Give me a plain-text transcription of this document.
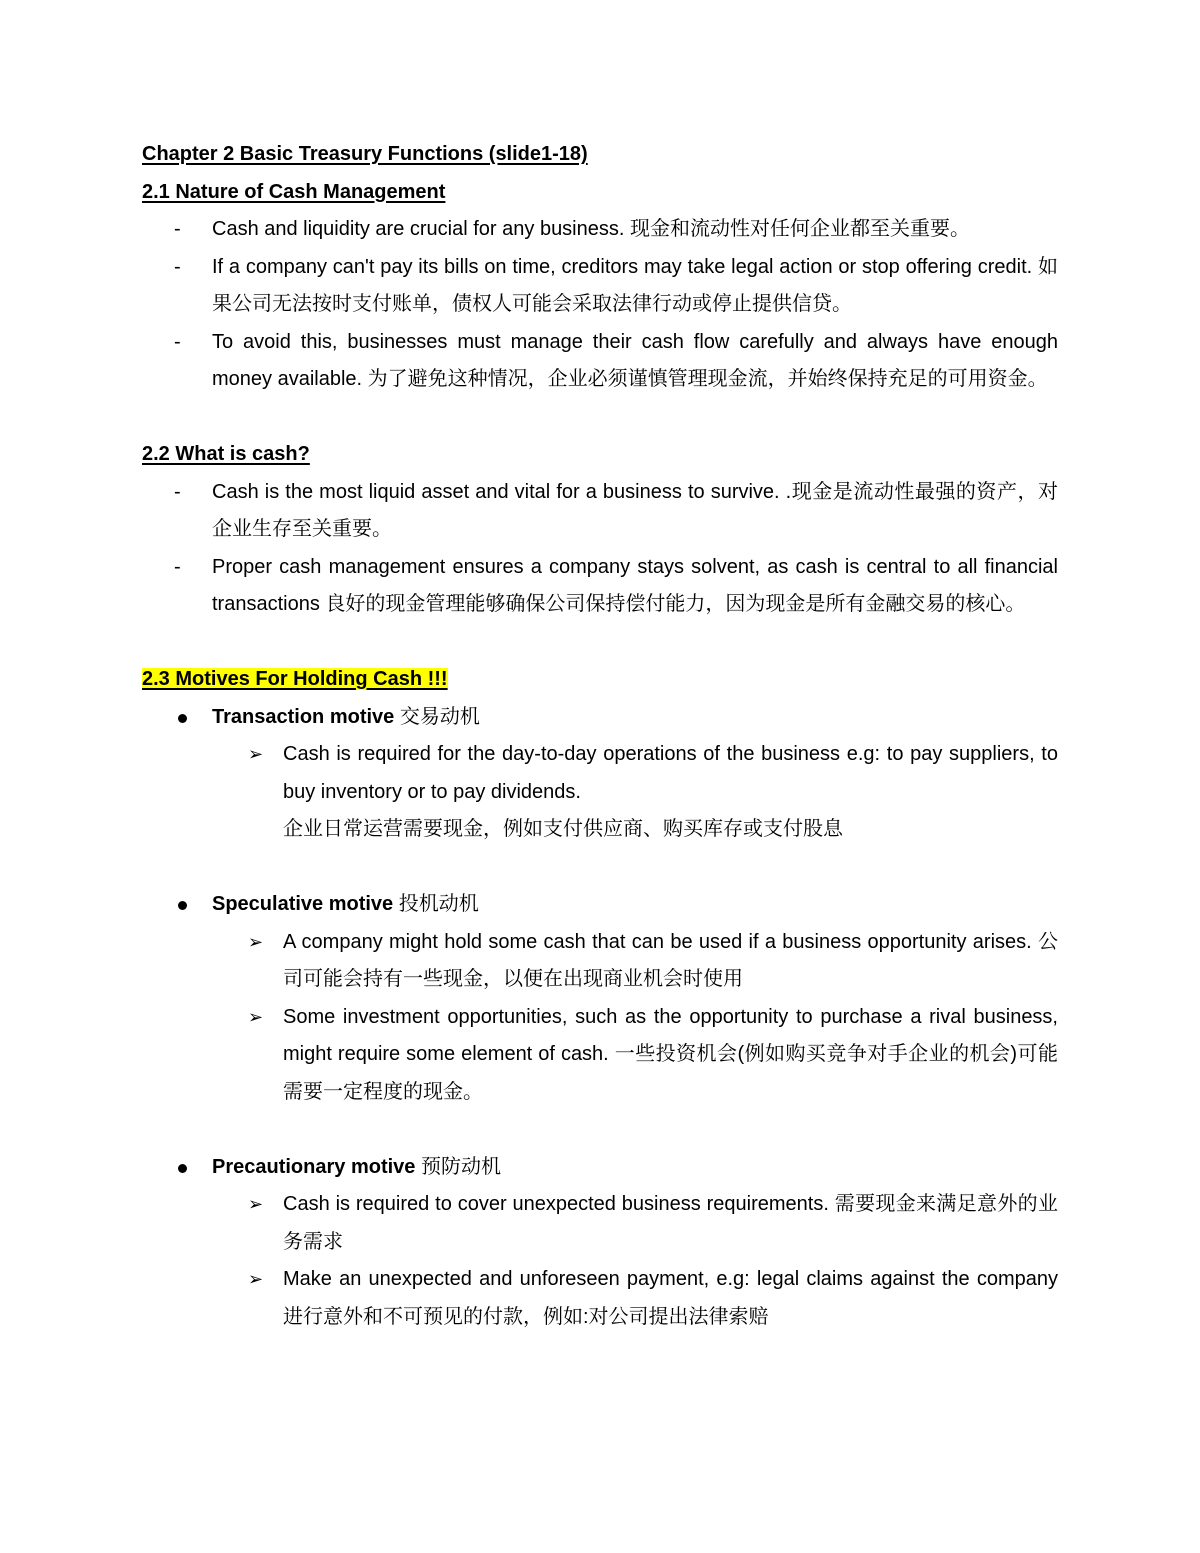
Chapter 2 Basic Treasury Functions (slide1-18)
2.1 Nature of Cash Management
- Cash and liquidity are crucial for any business. 现金和流动性对任何企业都至关重要。
- If a company can't pay its bills on time, creditors may take legal action or stop offering credit. 如果公司无法按时支付账单，债权人可能会采取法律行动或停止提供信贷。
- To avoid this, businesses must manage their cash flow carefully and always have enough money available. 为了避免这种情况，企业必须谨慎管理现金流，并始终保持充足的可用资金。
2.2 What is cash?
- Cash is the most liquid asset and vital for a business to survive. .现金是流动性最强的资产，对企业生存至关重要。
- Proper cash management ensures a company stays solvent, as cash is central to all financial transactions 良好的现金管理能够确保公司保持偿付能力，因为现金是所有金融交易的核心。
2.3 Motives For Holding Cash !!!
Transaction motive 交易动机
➢ Cash is required for the day-to-day operations of the business e.g: to pay suppliers, to buy inventory or to pay dividends.
企业日常运营需要现金，例如支付供应商、购买库存或支付股息
Speculative motive 投机动机
➢ A company might hold some cash that can be used if a business opportunity arises. 公司可能会持有一些现金，以便在出现商业机会时使用
➢ Some investment opportunities, such as the opportunity to purchase a rival business, might require some element of cash. 一些投资机会(例如购买竞争对手企业的机会)可能需要一定程度的现金。
Precautionary motive 预防动机
➢ Cash is required to cover unexpected business requirements. 需要现金来满足意外的业务需求
➢ Make an unexpected and unforeseen payment, e.g: legal claims against the company 进行意外和不可预见的付款，例如:对公司提出法律索赔
